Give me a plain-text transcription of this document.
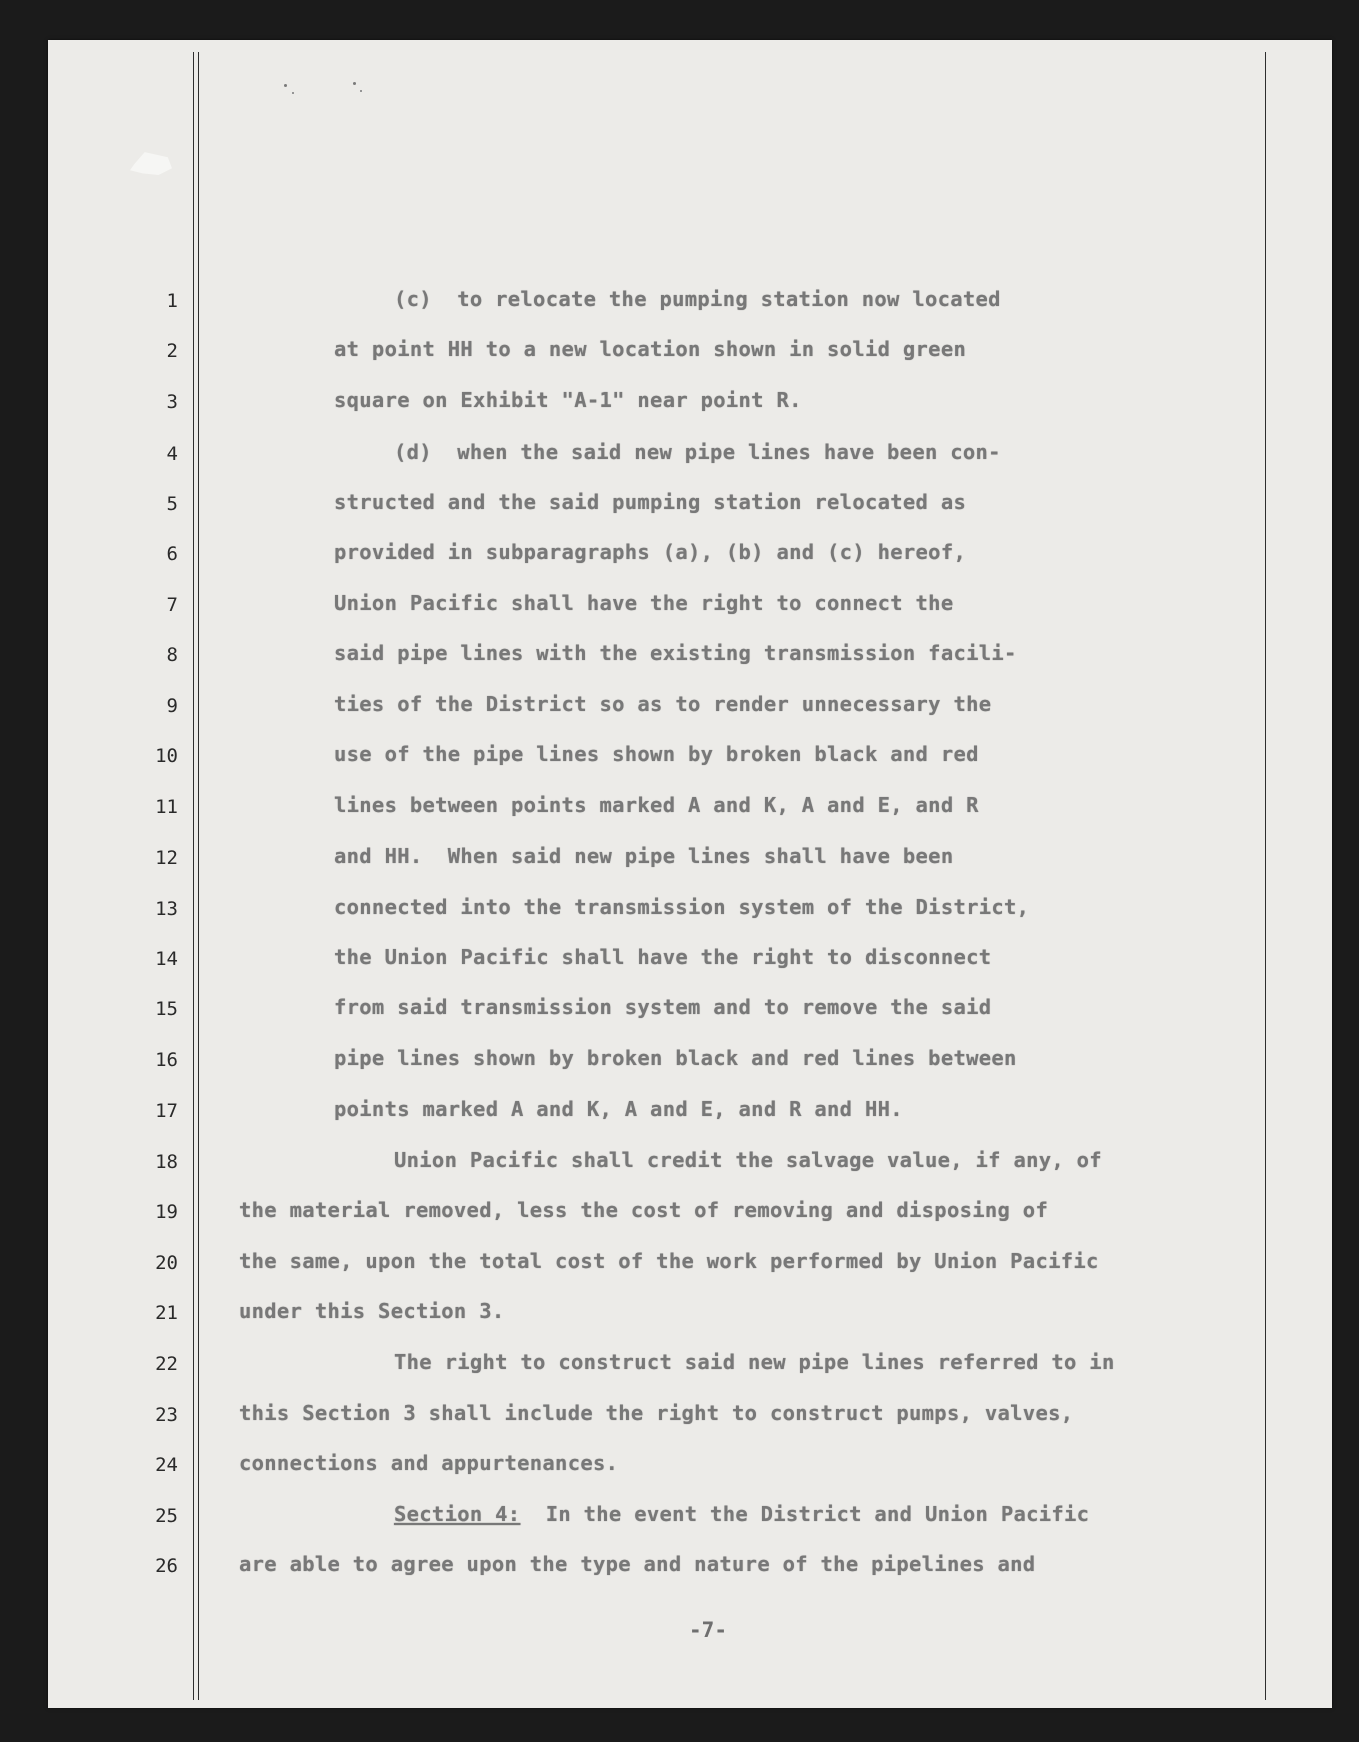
1
2
3
4
5
6
7
8
9
10
11
12
13
14
15
16
17
18
19
20
21
22
23
24
25
26
(c)  to relocate the pumping station now located
at point HH to a new location shown in solid green
square on Exhibit "A-1" near point R.
(d)  when the said new pipe lines have been con-
structed and the said pumping station relocated as
provided in subparagraphs (a), (b) and (c) hereof,
Union Pacific shall have the right to connect the
said pipe lines with the existing transmission facili-
ties of the District so as to render unnecessary the
use of the pipe lines shown by broken black and red
lines between points marked A and K, A and E, and R
and HH.  When said new pipe lines shall have been
connected into the transmission system of the District,
the Union Pacific shall have the right to disconnect
from said transmission system and to remove the said
pipe lines shown by broken black and red lines between
points marked A and K, A and E, and R and HH.
Union Pacific shall credit the salvage value, if any, of
the material removed, less the cost of removing and disposing of
the same, upon the total cost of the work performed by Union Pacific
under this Section 3.
The right to construct said new pipe lines referred to in
this Section 3 shall include the right to construct pumps, valves,
connections and appurtenances.
Section 4:  In the event the District and Union Pacific
are able to agree upon the type and nature of the pipelines and
-7-
